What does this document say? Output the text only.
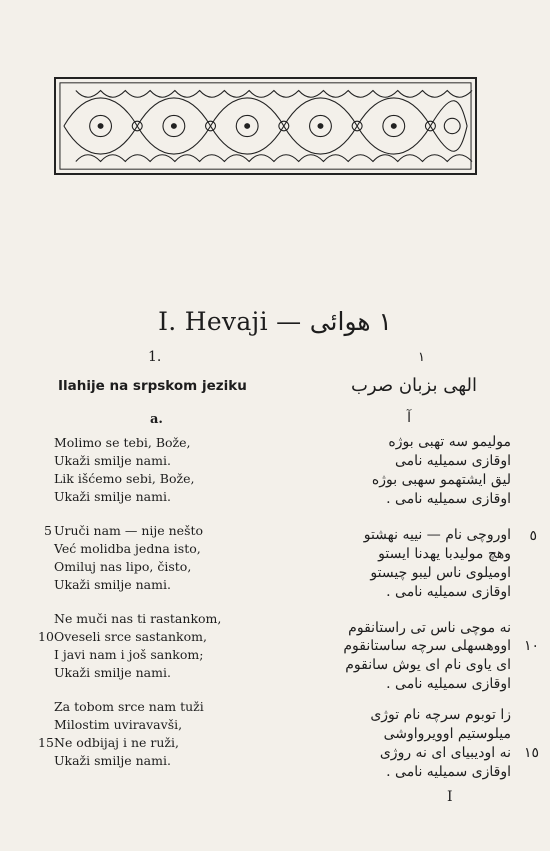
I. Hevaji — ١ هوائى
1.
Ilahije na srpskom jeziku
a.
Molimo se tebi, Bože,
Ukaži smilje nami.
Lik išćemo sebi, Bože,
Ukaži smilje nami.
5 Uruči nam — nije nešto
Već molidba jedna isto,
Omiluj nas lipo, čisto,
Ukaži smilje nami.
Ne muči nas ti rastankom,
10 Oveseli srce sastankom,
I javi nam i još sankom;
Ukaži smilje nami.
Za tobom srce nam tuži
Milostim uviravavši,
15 Ne odbijaj i ne ruži,
Ukaži smilje nami.
١
الهى بزبان صرب
آ
موليمو سه تهبى بوژه
اوقازى سميليه نامى
ليق ايشتهمو سهبى بوژه
اوقازى سميليه نامى .
٥
اوروچى نام — نييه نهشتو
وهچ موليدبا يهدنا ايستو
اوميلوى ناس ليبو چيستو
اوقازى سميليه نامى .
نه موچى ناس تى راستانقوم
١٠
اووهسهلى سرچه ساستانقوم
اى ياوى نام اى يوش سانقوم
اوقازى سميليه نامى .
زا توبوم سرچه نام توژى
ميلوستيم اوويرواوشى
١٥
نه اوديبياى اى نه روژى
اوقازى سميليه نامى .
I
